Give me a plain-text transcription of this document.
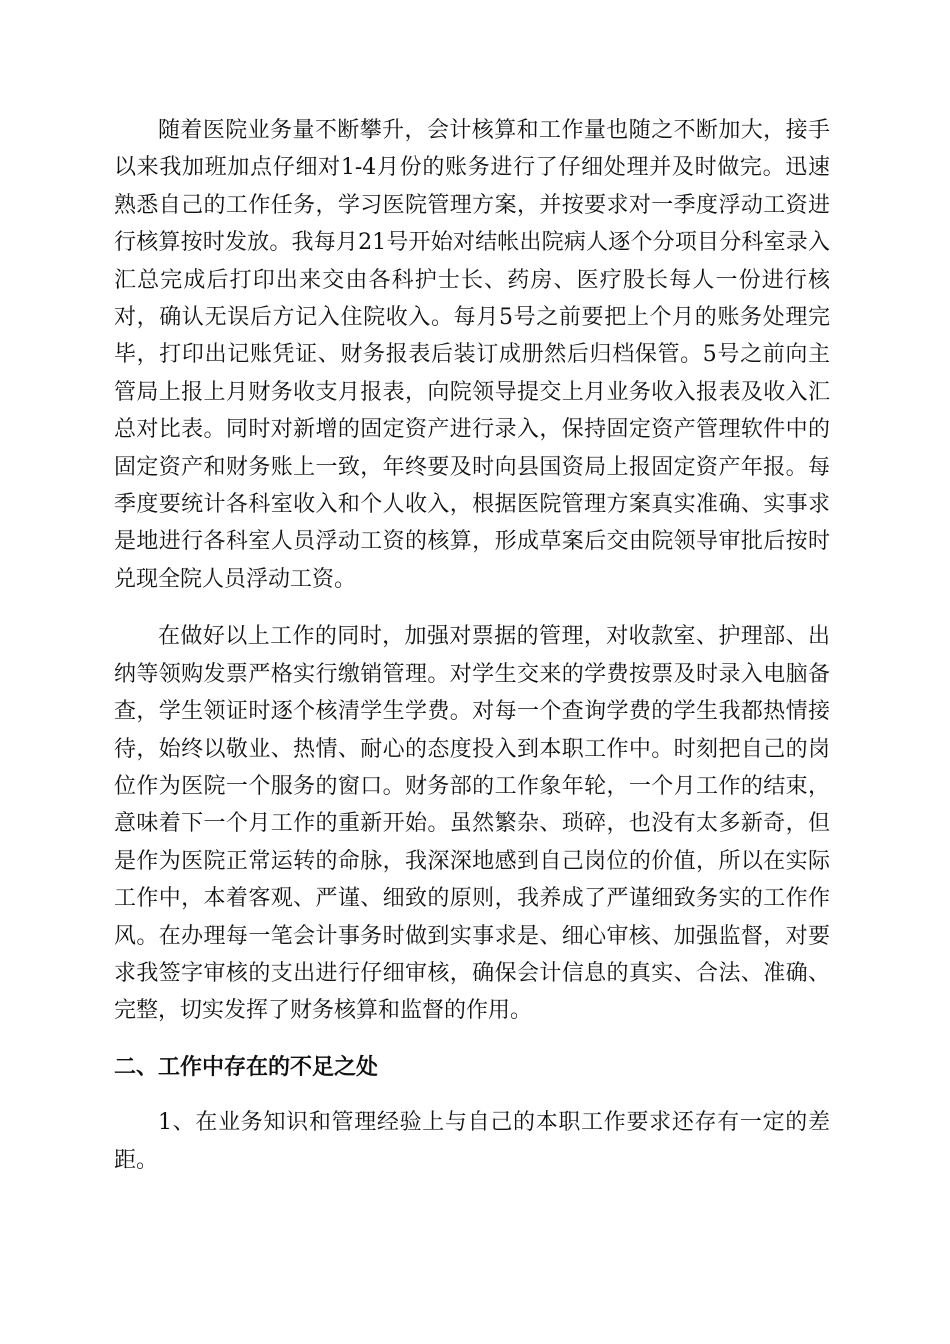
随着医院业务量不断攀升，会计核算和工作量也随之不断加大，接手以来我加班加点仔细对1-4月份的账务进行了仔细处理并及时做完。迅速熟悉自己的工作任务，学习医院管理方案，并按要求对一季度浮动工资进行核算按时发放。我每月21号开始对结帐出院病人逐个分项目分科室录入汇总完成后打印出来交由各科护士长、药房、医疗股长每人一份进行核对，确认无误后方记入住院收入。每月5号之前要把上个月的账务处理完毕，打印出记账凭证、财务报表后装订成册然后归档保管。5号之前向主管局上报上月财务收支月报表，向院领导提交上月业务收入报表及收入汇总对比表。同时对新增的固定资产进行录入，保持固定资产管理软件中的固定资产和财务账上一致，年终要及时向县国资局上报固定资产年报。每季度要统计各科室收入和个人收入，根据医院管理方案真实准确、实事求是地进行各科室人员浮动工资的核算，形成草案后交由院领导审批后按时兑现全院人员浮动工资。

在做好以上工作的同时，加强对票据的管理，对收款室、护理部、出纳等领购发票严格实行缴销管理。对学生交来的学费按票及时录入电脑备查，学生领证时逐个核清学生学费。对每一个查询学费的学生我都热情接待，始终以敬业、热情、耐心的态度投入到本职工作中。时刻把自己的岗位作为医院一个服务的窗口。财务部的工作象年轮，一个月工作的结束，意味着下一个月工作的重新开始。虽然繁杂、琐碎，也没有太多新奇，但是作为医院正常运转的命脉，我深深地感到自己岗位的价值，所以在实际工作中，本着客观、严谨、细致的原则，我养成了严谨细致务实的工作作风。在办理每一笔会计事务时做到实事求是、细心审核、加强监督，对要求我签字审核的支出进行仔细审核，确保会计信息的真实、合法、准确、完整，切实发挥了财务核算和监督的作用。

二、工作中存在的不足之处

1、在业务知识和管理经验上与自己的本职工作要求还存有一定的差距。
